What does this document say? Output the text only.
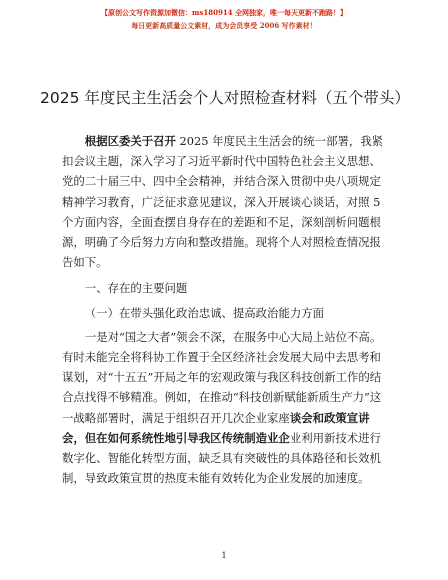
【原创公文写作资源加微信：ms180914 全网独家，唯一每天更新不跑路！】
每日更新高质量公文素材，成为会员享受 2006 写作素材！
2025 年度民主生活会个人对照检查材料（五个带头）

根据区委关于召开 2025 年度民主生活会的统一部署，我紧扣会议主题，深入学习了习近平新时代中国特色社会主义思想、党的二十届三中、四中全会精神，并结合深入贯彻中央八项规定精神学习教育，广泛征求意见建议，深入开展谈心谈话，对照 5 个方面内容，全面查摆自身存在的差距和不足，深刻剖析问题根源，明确了今后努力方向和整改措施。现将个人对照检查情况报告如下。

一、存在的主要问题

（一）在带头强化政治忠诚、提高政治能力方面

一是对“国之大者”领会不深，在服务中心大局上站位不高。有时未能完全将科协工作置于全区经济社会发展大局中去思考和谋划，对“十五五”开局之年的宏观政策与我区科技创新工作的结合点找得不够精准。例如，在推动“科技创新赋能新质生产力”这一战略部署时，满足于组织召开几次企业家座谈会和政策宣讲会，但在如何系统性地引导我区传统制造业企业利用新技术进行数字化、智能化转型方面，缺乏具有突破性的具体路径和长效机制，导致政策宣贯的热度未能有效转化为企业发展的加速度。

1
